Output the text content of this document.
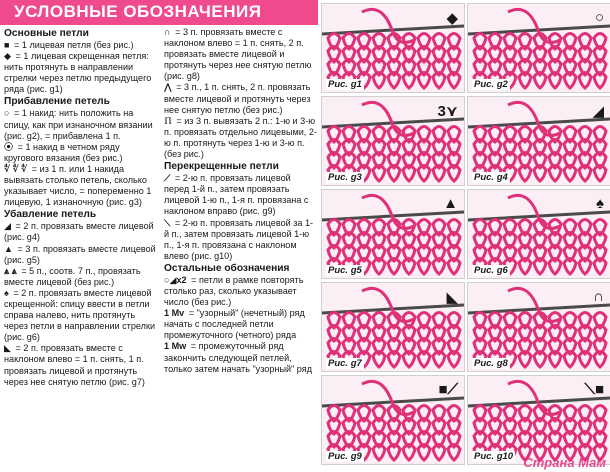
УСЛОВНЫЕ ОБОЗНАЧЕНИЯ
Основные петли

■ = 1 лицевая петля (без рис.)

◆ = 1 лицевая скрещенная петля: нить протянуть в направлении стрелки через петлю предыдущего ряда (рис. g1)

Прибавление петель

○ = 1 накид: нить положить на спицу, как при изнаночном вязании (рис. g2), = прибавлена 1 п.

⦿ = 1 накид в четном ряду кругового вязания (без рис.)

∜ ∜ ∜ = из 1 п. или 1 накида вывязать столько петель, сколько указывает число, = попеременно 1 лицевую, 1 изнаночную (рис. g3)

Убавление петель

◢ = 2 п. провязать вместе лицевой (рис. g4)

▲ = 3 п. провязать вместе лицевой (рис. g5)

⩓ ⩓ = 5 п., соотв. 7 п., провязать вместе лицевой (без рис.)

♠ = 2 п. провязать вместе лицевой скрещенной: спицу ввести в петли справа налево, нить протянуть через петли в направлении стрелки (рис. g6)

◣ = 2 п. провязать вместе с наклоном влево = 1 п. снять, 1 п. провязать лицевой и протянуть через нее снятую петлю (рис. g7)

∩ = 3 п. провязать вместе с наклоном влево = 1 п. снять, 2 п. провязать вместе лицевой и протянуть через нее снятую петлю (рис. g8)

⋀ = 3 п., 1 п. снять, 2 п. провязать вместе лицевой и протянуть через нее снятую петлю (без рис.)

ℿ = из 3 п. вывязать 2 п.: 1-ю и 3-ю п. провязать отдельно лицевыми, 2-ю п. протянуть через 1-ю и 3-ю п. (без рис.)

Перекрещенные петли

⟋ = 2-ю п. провязать лицевой перед 1-й п., затем провязать лицевой 1-ю п., 1-я п. провязана с наклоном вправо (рис. g9)

⟍ = 2-ю п. провязать лицевой за 1-й п., затем провязать лицевой 1-ю п., 1-я п. провязана с наклоном влево (рис. g10)

Остальные обозначения

○◢x2 = петли в рамке повторять столько раз, сколько указывает число (без рис.)

1 Mv = "узорный" (нечетный) ряд начать с последней петли промежуточного (четного) ряда

1 Mw = промежуточный ряд закончить следующей петлей, только затем начать "узорный" ряд

Рис. g1
◆
Рис. g2
○
Рис. g3
3⋎
Рис. g4
◢
Рис. g5
▲
Рис. g6
♠
Рис. g7
◣
Рис. g8
∩
Рис. g9
■⟋
Рис. g10
⟍■
Страна Мам
